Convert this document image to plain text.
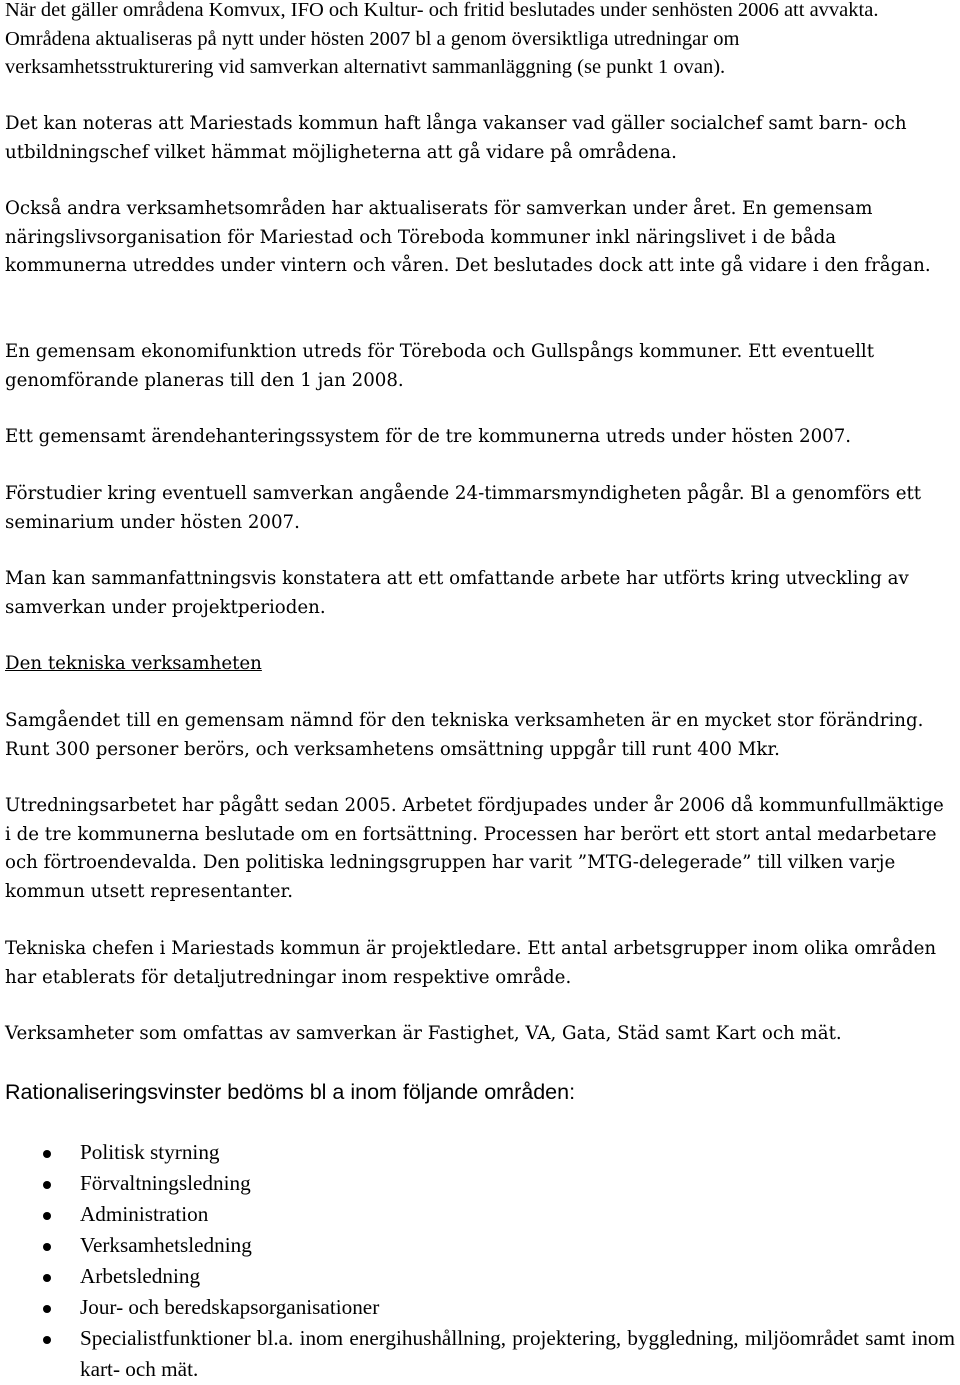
När det gäller områdena Komvux, IFO och Kultur- och fritid beslutades under senhösten 2006 att avvakta. Områdena aktualiseras på nytt under hösten 2007 bl a genom översiktliga utredningar om verksamhetsstrukturering vid samverkan alternativt sammanläggning (se punkt 1 ovan).

Det kan noteras att Mariestads kommun haft långa vakanser vad gäller socialchef samt barn- och utbildningschef vilket hämmat möjligheterna att gå vidare på områdena.

Också andra verksamhetsområden har aktualiserats för samverkan under året. En gemensam näringslivsorganisation för Mariestad och Töreboda kommuner inkl näringslivet i de båda kommunerna utreddes under vintern och våren. Det beslutades dock att inte gå vidare i den frågan.

En gemensam ekonomifunktion utreds för Töreboda och Gullspångs kommuner. Ett eventuellt genomförande planeras till den 1 jan 2008.

Ett gemensamt ärendehanteringssystem för de tre kommunerna utreds under hösten 2007.

Förstudier kring eventuell samverkan angående 24-timmarsmyndigheten pågår. Bl a genomförs ett seminarium under hösten 2007.

Man kan sammanfattningsvis konstatera att ett omfattande arbete har utförts kring utveckling av samverkan under projektperioden.

Den tekniska verksamheten

Samgåendet till en gemensam nämnd för den tekniska verksamheten är en mycket stor förändring. Runt 300 personer berörs, och verksamhetens omsättning uppgår till runt 400 Mkr.

Utredningsarbetet har pågått sedan 2005. Arbetet fördjupades under år 2006 då kommunfullmäktige i de tre kommunerna beslutade om en fortsättning. Processen har berört ett stort antal medarbetare och förtroendevalda. Den politiska ledningsgruppen har varit ”MTG-delegerade” till vilken varje kommun utsett representanter.

Tekniska chefen i Mariestads kommun är projektledare. Ett antal arbetsgrupper inom olika områden har etablerats för detaljutredningar inom respektive område.

Verksamheter som omfattas av samverkan är Fastighet, VA, Gata, Städ samt Kart och mät.

Rationaliseringsvinster bedöms bl a inom följande områden:

Politisk styrning
Förvaltningsledning
Administration
Verksamhetsledning
Arbetsledning
Jour- och beredskapsorganisationer
Specialistfunktioner bl.a. inom energihushållning, projektering, byggledning, miljöområdet samt inom kart- och mät.
